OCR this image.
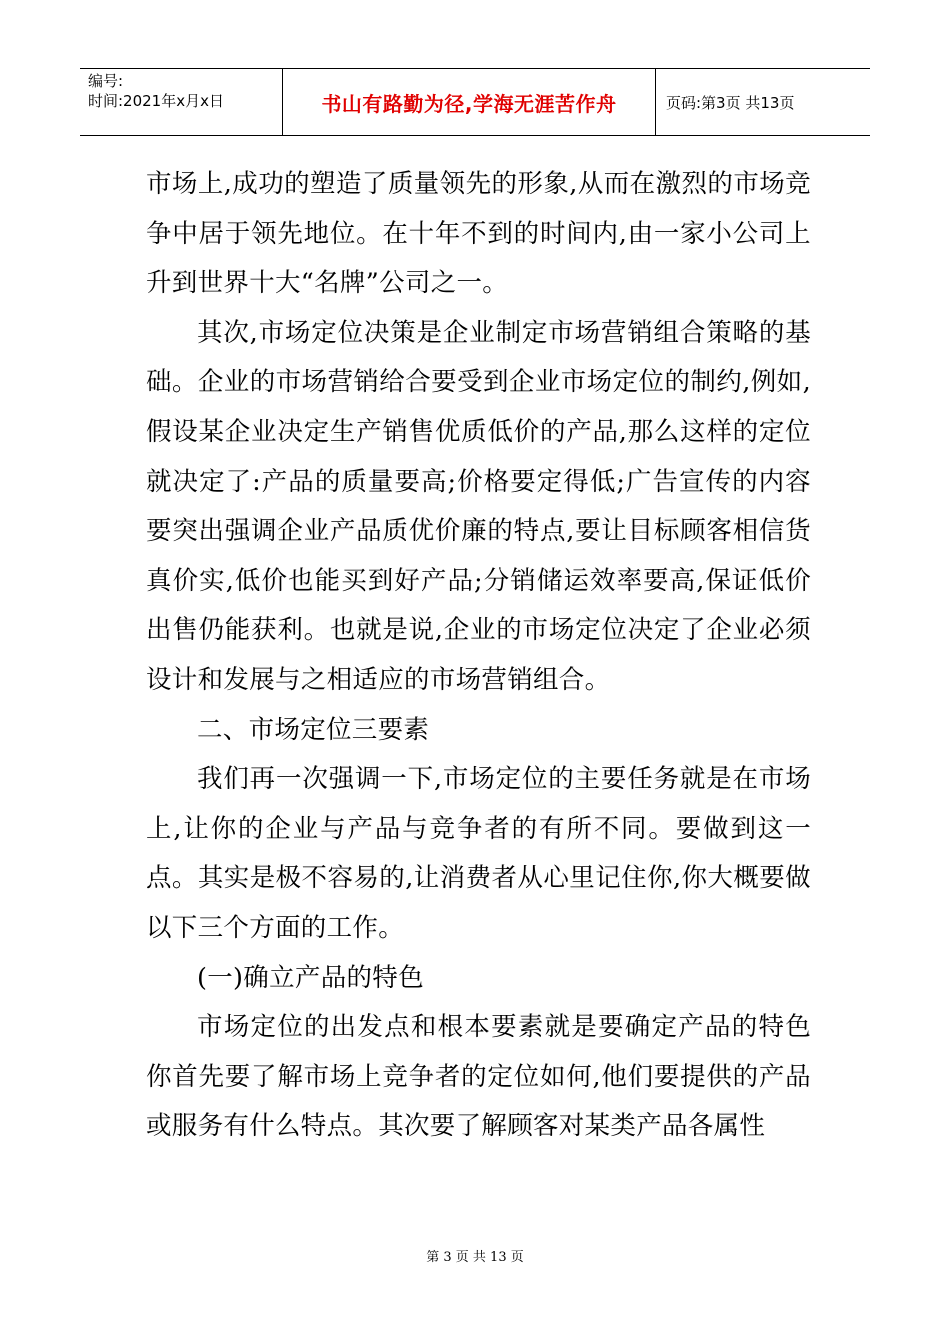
编号:
时间:2021年x月x日	书山有路勤为径,学海无涯苦作舟	页码:第3页 共13页

市场上,成功的塑造了质量领先的形象,从而在激烈的市场竞争中居于领先地位。在十年不到的时间内,由一家小公司上升到世界十大“名牌”公司之一。

其次,市场定位决策是企业制定市场营销组合策略的基础。企业的市场营销给合要受到企业市场定位的制约,例如,假设某企业决定生产销售优质低价的产品,那么这样的定位就决定了:产品的质量要高;价格要定得低;广告宣传的内容要突出强调企业产品质优价廉的特点,要让目标顾客相信货真价实,低价也能买到好产品;分销储运效率要高,保证低价出售仍能获利。也就是说,企业的市场定位决定了企业必须设计和发展与之相适应的市场营销组合。

二、市场定位三要素

我们再一次强调一下,市场定位的主要任务就是在市场上,让你的企业与产品与竞争者的有所不同。要做到这一点。其实是极不容易的,让消费者从心里记住你,你大概要做以下三个方面的工作。

(一)确立产品的特色

市场定位的出发点和根本要素就是要确定产品的特色你首先要了解市场上竞争者的定位如何,他们要提供的产品或服务有什么特点。其次要了解顾客对某类产品各属性

第 3 页 共 13 页
